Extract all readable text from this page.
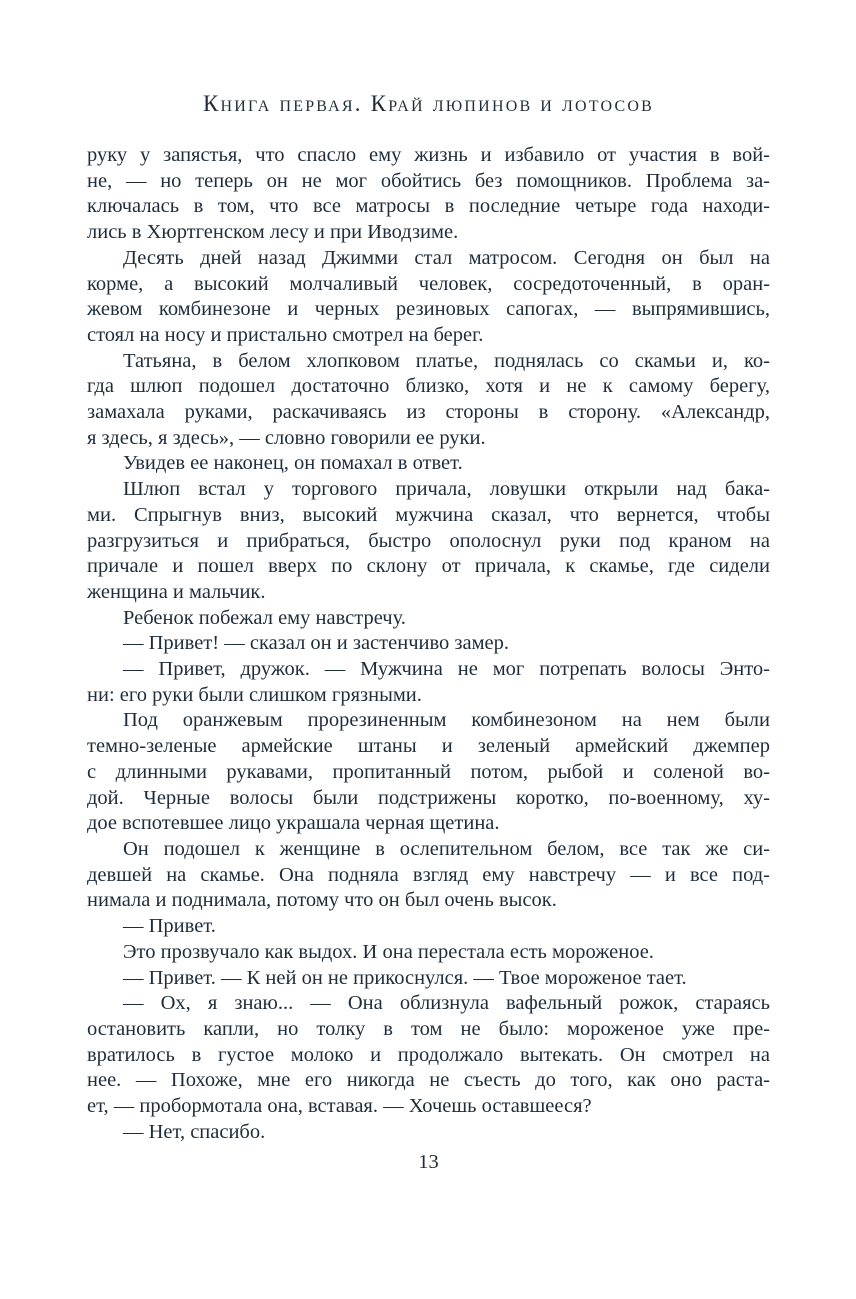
Книга первая. Край люпинов и лотосов
руку у запястья, что спасло ему жизнь и избавило от участия в вой-
не, — но теперь он не мог обойтись без помощников. Проблема за-
ключалась в том, что все матросы в последние четыре года находи-
лись в Хюртгенском лесу и при Иводзиме.
Десять дней назад Джимми стал матросом. Сегодня он был на
корме, а высокий молчаливый человек, сосредоточенный, в оран-
жевом комбинезоне и черных резиновых сапогах, — выпрямившись,
стоял на носу и пристально смотрел на берег.
Татьяна, в белом хлопковом платье, поднялась со скамьи и, ко-
гда шлюп подошел достаточно близко, хотя и не к самому берегу,
замахала руками, раскачиваясь из стороны в сторону. «Александр,
я здесь, я здесь», — словно говорили ее руки.
Увидев ее наконец, он помахал в ответ.
Шлюп встал у торгового причала, ловушки открыли над бака-
ми. Спрыгнув вниз, высокий мужчина сказал, что вернется, чтобы
разгрузиться и прибраться, быстро ополоснул руки под краном на
причале и пошел вверх по склону от причала, к скамье, где сидели
женщина и мальчик.
Ребенок побежал ему навстречу.
— Привет! — сказал он и застенчиво замер.
— Привет, дружок. — Мужчина не мог потрепать волосы Энто-
ни: его руки были слишком грязными.
Под оранжевым прорезиненным комбинезоном на нем были
темно-зеленые армейские штаны и зеленый армейский джемпер
с длинными рукавами, пропитанный потом, рыбой и соленой во-
дой. Черные волосы были подстрижены коротко, по-военному, ху-
дое вспотевшее лицо украшала черная щетина.
Он подошел к женщине в ослепительном белом, все так же си-
девшей на скамье. Она подняла взгляд ему навстречу — и все под-
нимала и поднимала, потому что он был очень высок.
— Привет.
Это прозвучало как выдох. И она перестала есть мороженое.
— Привет. — К ней он не прикоснулся. — Твое мороженое тает.
— Ох, я знаю... — Она облизнула вафельный рожок, стараясь
остановить капли, но толку в том не было: мороженое уже пре-
вратилось в густое молоко и продолжало вытекать. Он смотрел на
нее. — Похоже, мне его никогда не съесть до того, как оно раста-
ет, — пробормотала она, вставая. — Хочешь оставшееся?
— Нет, спасибо.
13
